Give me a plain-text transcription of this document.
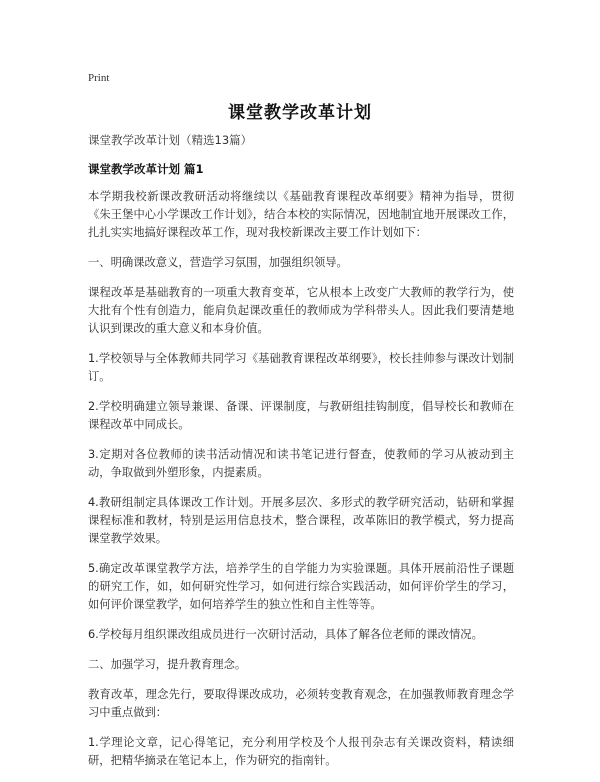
Print
课堂教学改革计划

课堂教学改革计划（精选13篇）

课堂教学改革计划 篇1

本学期我校新课改教研活动将继续以《基础教育课程改革纲要》精神为指导，贯彻《朱王堡中心小学课改工作计划》，结合本校的实际情况，因地制宜地开展课改工作，扎扎实实地搞好课程改革工作，现对我校新课改主要工作计划如下：

一、明确课改意义，营造学习氛围，加强组织领导。

课程改革是基础教育的一项重大教育变革，它从根本上改变广大教师的教学行为，使大批有个性有创造力，能肩负起课改重任的教师成为学科带头人。因此我们要清楚地认识到课改的重大意义和本身价值。

1.学校领导与全体教师共同学习《基础教育课程改革纲要》，校长挂帅参与课改计划制订。

2.学校明确建立领导兼课、备课、评课制度，与教研组挂钩制度，倡导校长和教师在课程改革中同成长。

3.定期对各位教师的读书活动情况和读书笔记进行督查，使教师的学习从被动到主动，争取做到外塑形象，内提素质。

4.教研组制定具体课改工作计划。开展多层次、多形式的教学研究活动，钻研和掌握课程标准和教材，特别是运用信息技术，整合课程，改革陈旧的教学模式，努力提高课堂教学效果。

5.确定改革课堂教学方法，培养学生的自学能力为实验课题。具体开展前沿性子课题的研究工作，如，如何研究性学习，如何进行综合实践活动，如何评价学生的学习，如何评价课堂教学，如何培养学生的独立性和自主性等等。

6.学校每月组织课改组成员进行一次研讨活动，具体了解各位老师的课改情况。

二、加强学习，提升教育理念。

教育改革，理念先行，要取得课改成功，必须转变教育观念，在加强教师教育理念学习中重点做到：

1.学理论文章，记心得笔记，充分利用学校及个人报刊杂志有关课改资料，精读细研，把精华摘录在笔记本上，作为研究的指南针。
